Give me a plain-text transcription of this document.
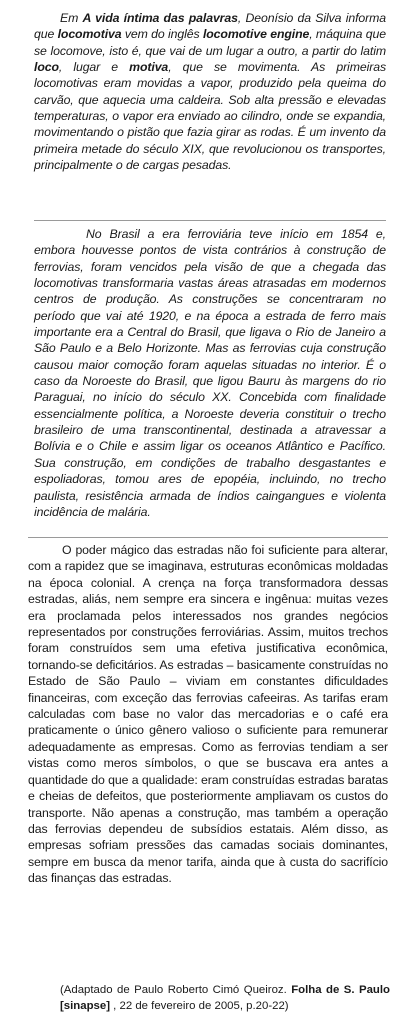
Em A vida íntima das palavras, Deonísio da Silva informa que locomotiva vem do inglês locomotive engine, máquina que se locomove, isto é, que vai de um lugar a outro, a partir do latim loco, lugar e motiva, que se movimenta. As primeiras locomotivas eram movidas a vapor, produzido pela queima do carvão, que aquecia uma caldeira. Sob alta pressão e elevadas temperaturas, o vapor era enviado ao cilindro, onde se expandia, movimentando o pistão que fazia girar as rodas. É um invento da primeira metade do século XIX, que revolucionou os transportes, principalmente o de cargas pesadas.

No Brasil a era ferroviária teve início em 1854 e, embora houvesse pontos de vista contrários à construção de ferrovias, foram vencidos pela visão de que a chegada das locomotivas transformaria vastas áreas atrasadas em modernos centros de produção. As construções se concentraram no período que vai até 1920, e na época a estrada de ferro mais importante era a Central do Brasil, que ligava o Rio de Janeiro a São Paulo e a Belo Horizonte. Mas as ferrovias cuja construção causou maior comoção foram aquelas situadas no interior. É o caso da Noroeste do Brasil, que ligou Bauru às margens do rio Paraguai, no início do século XX. Concebida com finalidade essencialmente política, a Noroeste deveria constituir o trecho brasileiro de uma transcontinental, destinada a atravessar a Bolívia e o Chile e assim ligar os oceanos Atlântico e Pacífico. Sua construção, em condições de trabalho desgastantes e espoliadoras, tomou ares de epopéia, incluindo, no trecho paulista, resistência armada de índios caingangues e violenta incidência de malária.

O poder mágico das estradas não foi suficiente para alterar, com a rapidez que se imaginava, estruturas econômicas moldadas na época colonial. A crença na força transformadora dessas estradas, aliás, nem sempre era sincera e ingênua: muitas vezes era proclamada pelos interessados nos grandes negócios representados por construções ferroviárias. Assim, muitos trechos foram construídos sem uma efetiva justificativa econômica, tornando-se deficitários. As estradas – basicamente construídas no Estado de São Paulo – viviam em constantes dificuldades financeiras, com exceção das ferrovias cafeeiras. As tarifas eram calculadas com base no valor das mercadorias e o café era praticamente o único gênero valioso o suficiente para remunerar adequadamente as empresas. Como as ferrovias tendiam a ser vistas como meros símbolos, o que se buscava era antes a quantidade do que a qualidade: eram construídas estradas baratas e cheias de defeitos, que posteriormente ampliavam os custos do transporte. Não apenas a construção, mas também a operação das ferrovias dependeu de subsídios estatais. Além disso, as empresas sofriam pressões das camadas sociais dominantes, sempre em busca da menor tarifa, ainda que à custa do sacrifício das finanças das estradas.

(Adaptado de Paulo Roberto Cimó Queiroz. Folha de S. Paulo [sinapse] , 22 de fevereiro de 2005, p.20-22)
